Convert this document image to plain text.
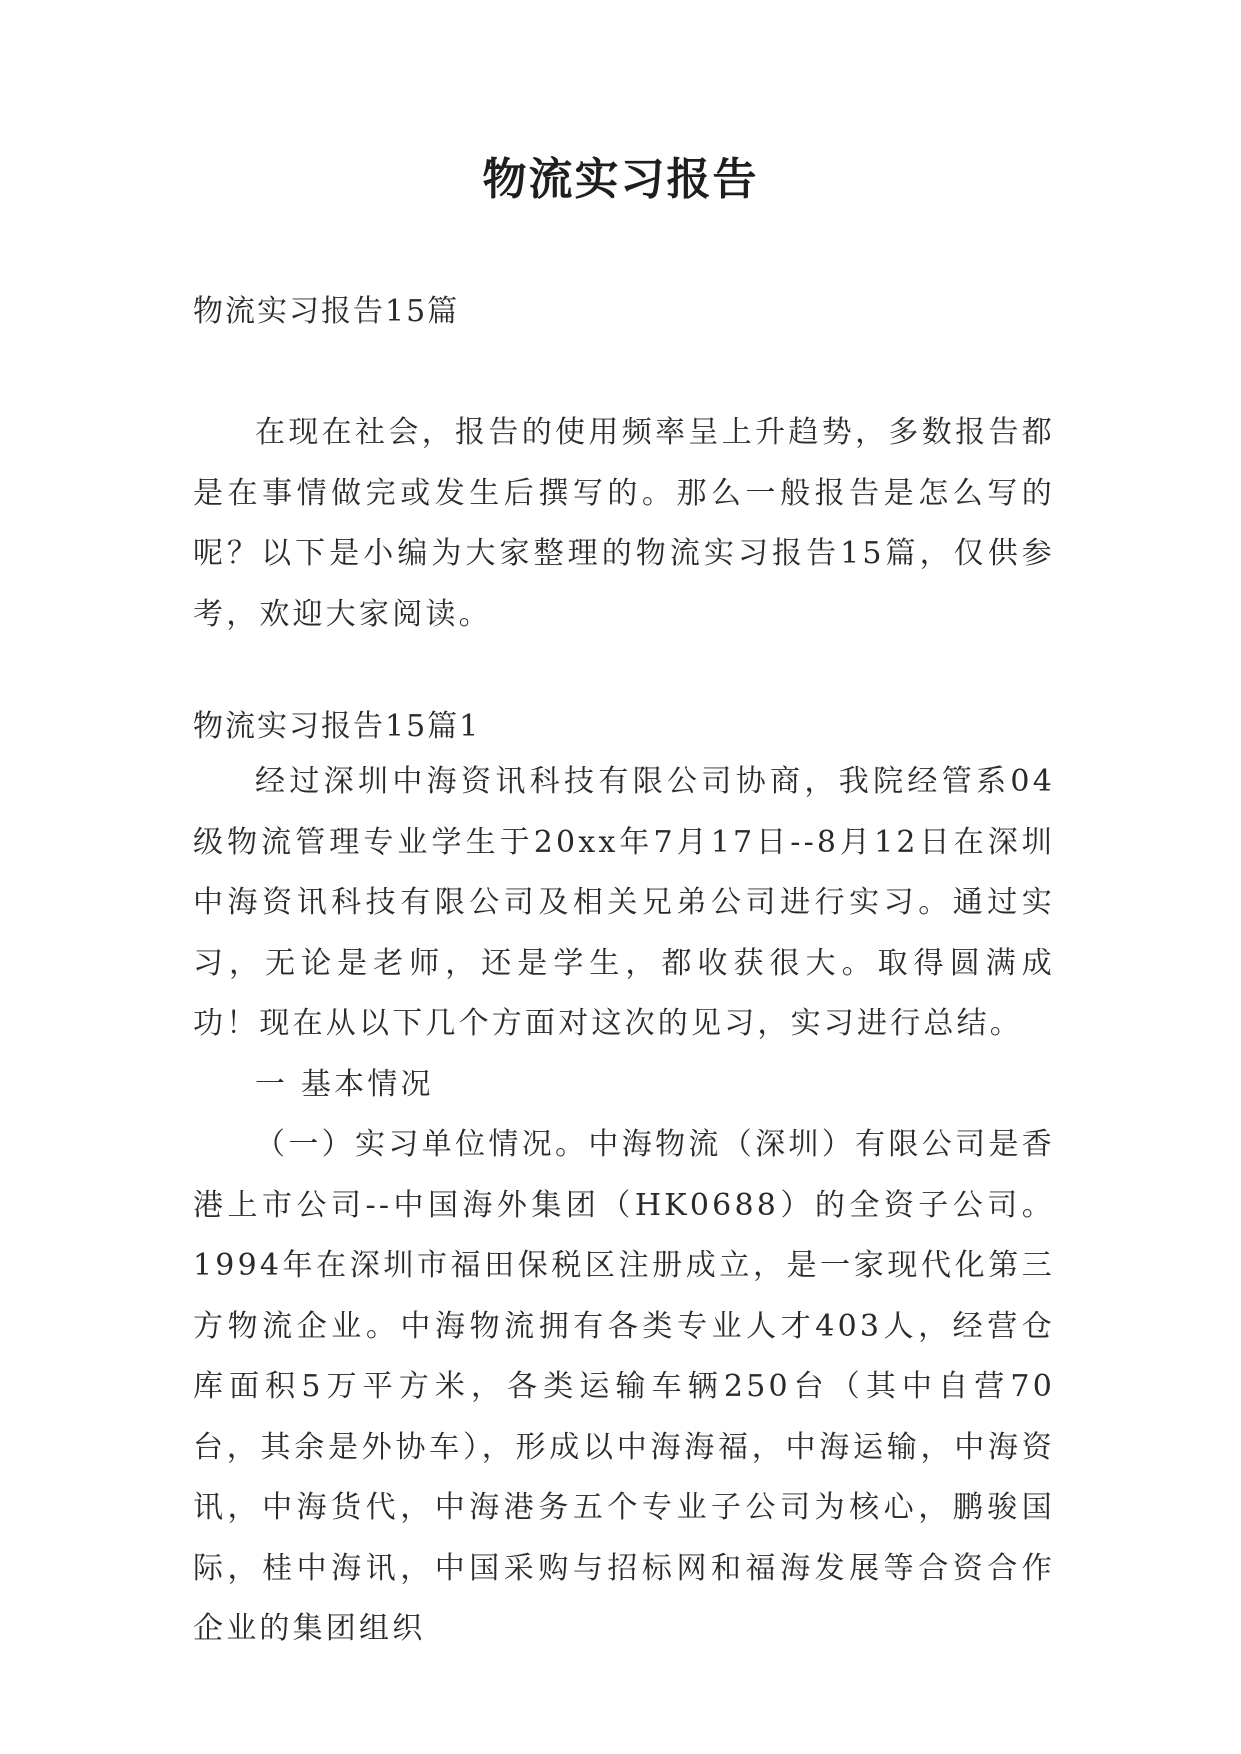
物流实习报告
物流实习报告15篇

在现在社会，报告的使用频率呈上升趋势，多数报告都是在事情做完或发生后撰写的。那么一般报告是怎么写的呢？以下是小编为大家整理的物流实习报告15篇，仅供参考，欢迎大家阅读。

物流实习报告15篇1

经过深圳中海资讯科技有限公司协商，我院经管系04级物流管理专业学生于20xx年7月17日--8月12日在深圳中海资讯科技有限公司及相关兄弟公司进行实习。通过实习，无论是老师，还是学生，都收获很大。取得圆满成功！现在从以下几个方面对这次的见习，实习进行总结。

一 基本情况

（一）实习单位情况。中海物流（深圳）有限公司是香港上市公司--中国海外集团（HK0688）的全资子公司。1994年在深圳市福田保税区注册成立，是一家现代化第三方物流企业。中海物流拥有各类专业人才403人，经营仓库面积5万平方米，各类运输车辆250台（其中自营70台，其余是外协车），形成以中海海福，中海运输，中海资讯，中海货代，中海港务五个专业子公司为核心，鹏骏国际，桂中海讯，中国采购与招标网和福海发展等合资合作企业的集团组织
